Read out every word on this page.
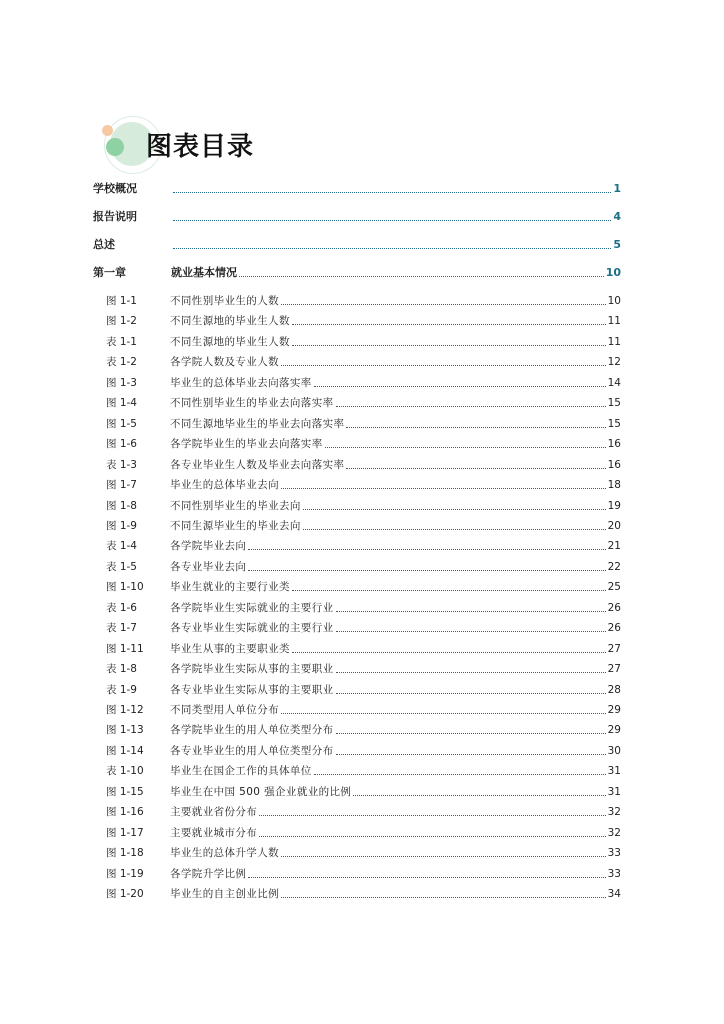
图表目录
学校概况	1
报告说明	4
总述	5
第一章	就业基本情况	10
图 1-1	不同性别毕业生的人数	10
图 1-2	不同生源地的毕业生人数	11
表 1-1	不同生源地的毕业生人数	11
表 1-2	各学院人数及专业人数	12
图 1-3	毕业生的总体毕业去向落实率	14
图 1-4	不同性别毕业生的毕业去向落实率	15
图 1-5	不同生源地毕业生的毕业去向落实率	15
图 1-6	各学院毕业生的毕业去向落实率	16
表 1-3	各专业毕业生人数及毕业去向落实率	16
图 1-7	毕业生的总体毕业去向	18
图 1-8	不同性别毕业生的毕业去向	19
图 1-9	不同生源毕业生的毕业去向	20
表 1-4	各学院毕业去向	21
表 1-5	各专业毕业去向	22
图 1-10	毕业生就业的主要行业类	25
表 1-6	各学院毕业生实际就业的主要行业	26
表 1-7	各专业毕业生实际就业的主要行业	26
图 1-11	毕业生从事的主要职业类	27
表 1-8	各学院毕业生实际从事的主要职业	27
表 1-9	各专业毕业生实际从事的主要职业	28
图 1-12	不同类型用人单位分布	29
图 1-13	各学院毕业生的用人单位类型分布	29
图 1-14	各专业毕业生的用人单位类型分布	30
表 1-10	毕业生在国企工作的具体单位	31
图 1-15	毕业生在中国 500 强企业就业的比例	31
图 1-16	主要就业省份分布	32
图 1-17	主要就业城市分布	32
图 1-18	毕业生的总体升学人数	33
图 1-19	各学院升学比例	33
图 1-20	毕业生的自主创业比例	34
